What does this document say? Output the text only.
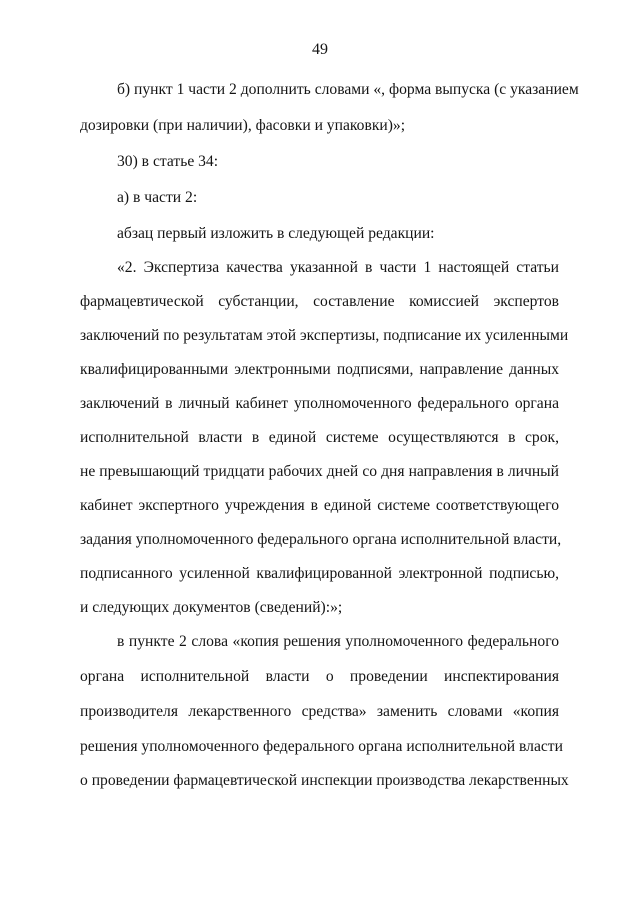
49
б) пункт 1 части 2 дополнить словами «, форма выпуска (с указанием
дозировки (при наличии), фасовки и упаковки)»;
30) в статье 34:
а) в части 2:
абзац первый изложить в следующей редакции:
«2. Экспертиза качества указанной в части 1 настоящей статьи
фармацевтической субстанции, составление комиссией экспертов
заключений по результатам этой экспертизы, подписание их усиленными
квалифицированными электронными подписями, направление данных
заключений в личный кабинет уполномоченного федерального органа
исполнительной власти в единой системе осуществляются в срок,
не превышающий тридцати рабочих дней со дня направления в личный
кабинет экспертного учреждения в единой системе соответствующего
задания уполномоченного федерального органа исполнительной власти,
подписанного усиленной квалифицированной электронной подписью,
и следующих документов (сведений):»;
в пункте 2 слова «копия решения уполномоченного федерального
органа исполнительной власти о проведении инспектирования
производителя лекарственного средства» заменить словами «копия
решения уполномоченного федерального органа исполнительной власти
о проведении фармацевтической инспекции производства лекарственных
